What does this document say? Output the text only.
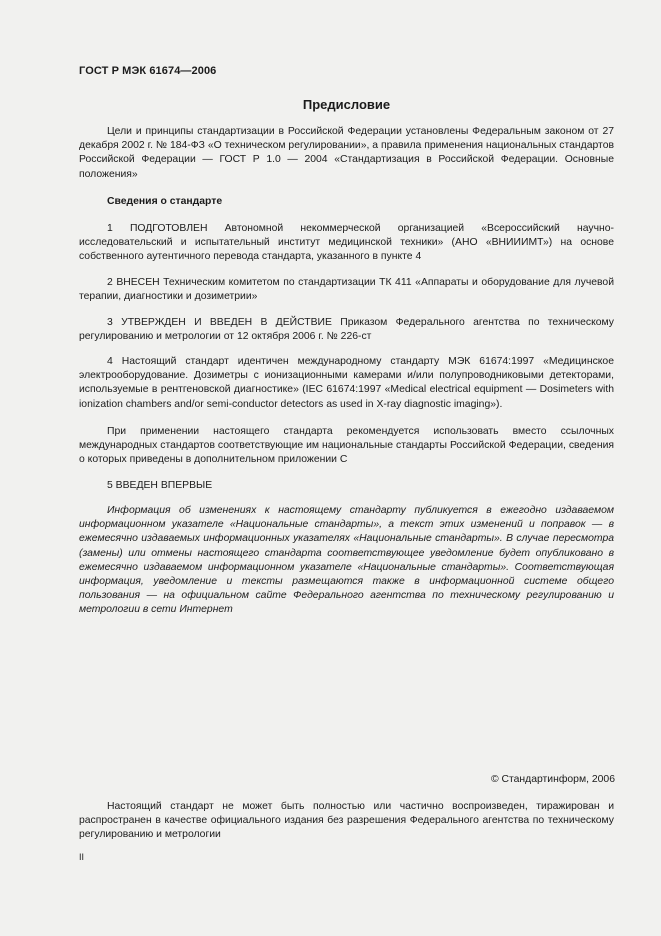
ГОСТ Р МЭК 61674—2006
Предисловие

Цели и принципы стандартизации в Российской Федерации установлены Федеральным законом от 27 декабря 2002 г. № 184-ФЗ «О техническом регулировании», а правила применения национальных стандартов Российской Федерации — ГОСТ Р 1.0 — 2004 «Стандартизация в Российской Федерации. Основные положения»

Сведения о стандарте

1 ПОДГОТОВЛЕН Автономной некоммерческой организацией «Всероссийский научно-исследовательский и испытательный институт медицинской техники» (АНО «ВНИИИМТ») на основе собственного аутентичного перевода стандарта, указанного в пункте 4

2 ВНЕСЕН Техническим комитетом по стандартизации ТК 411 «Аппараты и оборудование для лучевой терапии, диагностики и дозиметрии»

3 УТВЕРЖДЕН И ВВЕДЕН В ДЕЙСТВИЕ Приказом Федерального агентства по техническому регулированию и метрологии от 12 октября 2006 г. № 226-ст

4 Настоящий стандарт идентичен международному стандарту МЭК 61674:1997 «Медицинское электрооборудование. Дозиметры с ионизационными камерами и/или полупроводниковыми детекторами, используемые в рентгеновской диагностике» (IEC 61674:1997 «Medical electrical equipment — Dosimeters with ionization chambers and/or semi-conductor detectors as used in X-ray diagnostic imaging»).

При применении настоящего стандарта рекомендуется использовать вместо ссылочных международных стандартов соответствующие им национальные стандарты Российской Федерации, сведения о которых приведены в дополнительном приложении С

5 ВВЕДЕН ВПЕРВЫЕ

Информация об изменениях к настоящему стандарту публикуется в ежегодно издаваемом информационном указателе «Национальные стандарты», а текст этих изменений и поправок — в ежемесячно издаваемых информационных указателях «Национальные стандарты». В случае пересмотра (замены) или отмены настоящего стандарта соответствующее уведомление будет опубликовано в ежемесячно издаваемом информационном указателе «Национальные стандарты». Соответствующая информация, уведомление и тексты размещаются также в информационной системе общего пользования — на официальном сайте Федерального агентства по техническому регулированию и метрологии в сети Интернет

© Стандартинформ, 2006

Настоящий стандарт не может быть полностью или частично воспроизведен, тиражирован и распространен в качестве официального издания без разрешения Федерального агентства по техническому регулированию и метрологии

II
